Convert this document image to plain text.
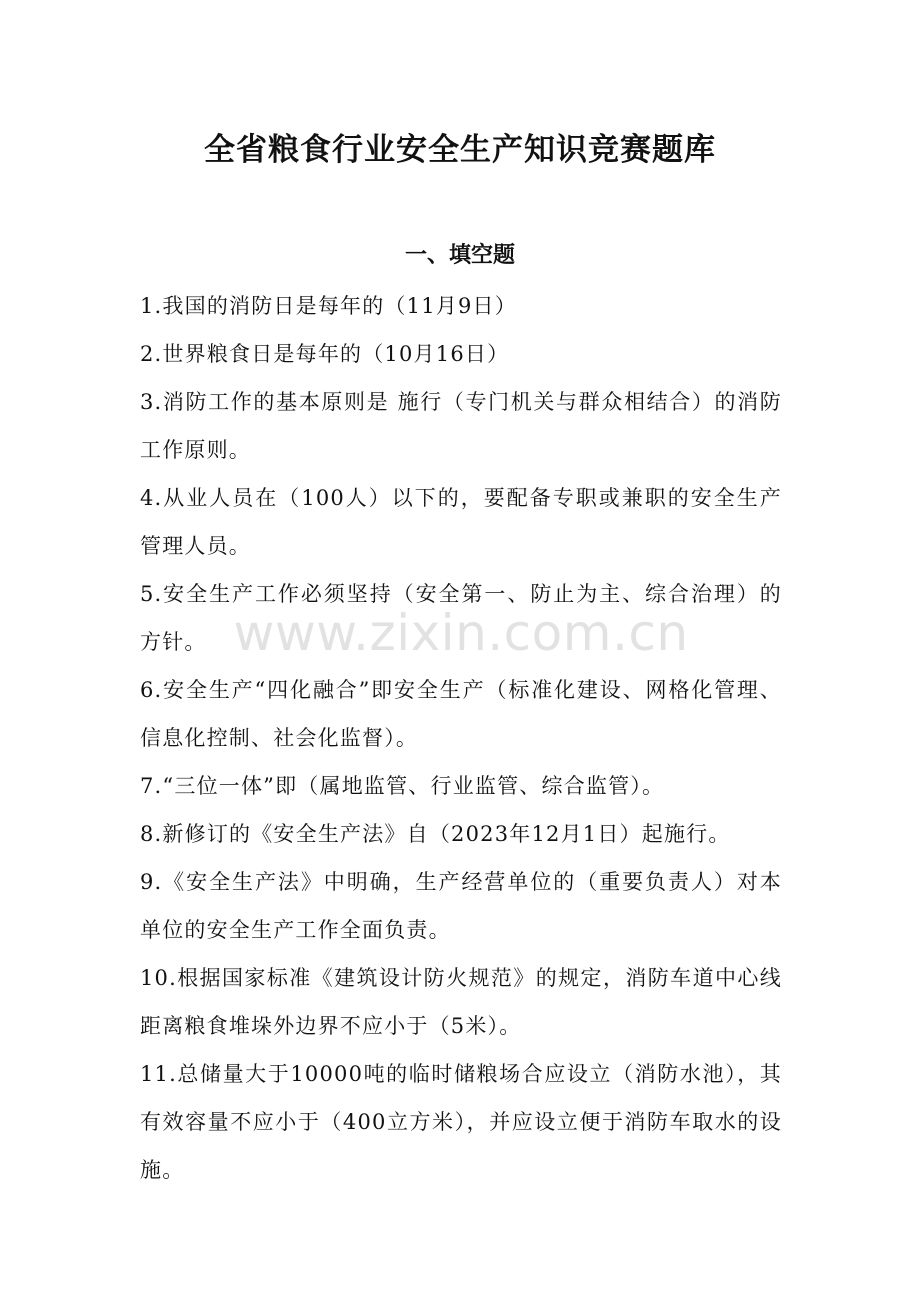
全省粮食行业安全生产知识竞赛题库
一、填空题
1.我国的消防日是每年的（11月9日）
2.世界粮食日是每年的（10月16日）
3.消防工作的基本原则是 施行（专门机关与群众相结合）的消防工作原则。
4.从业人员在（100人）以下的，要配备专职或兼职的安全生产管理人员。
5.安全生产工作必须坚持（安全第一、防止为主、综合治理）的方针。
6.安全生产“四化融合”即安全生产（标准化建设、网格化管理、信息化控制、社会化监督）。
7.“三位一体”即（属地监管、行业监管、综合监管）。
8.新修订的《安全生产法》自（2023年12月1日）起施行。
9.《安全生产法》中明确，生产经营单位的（重要负责人）对本单位的安全生产工作全面负责。
10.根据国家标准《建筑设计防火规范》的规定，消防车道中心线距离粮食堆垛外边界不应小于（5米）。
11.总储量大于10000吨的临时储粮场合应设立（消防水池），其有效容量不应小于（400立方米），并应设立便于消防车取水的设施。
www.zixin.com.cn
